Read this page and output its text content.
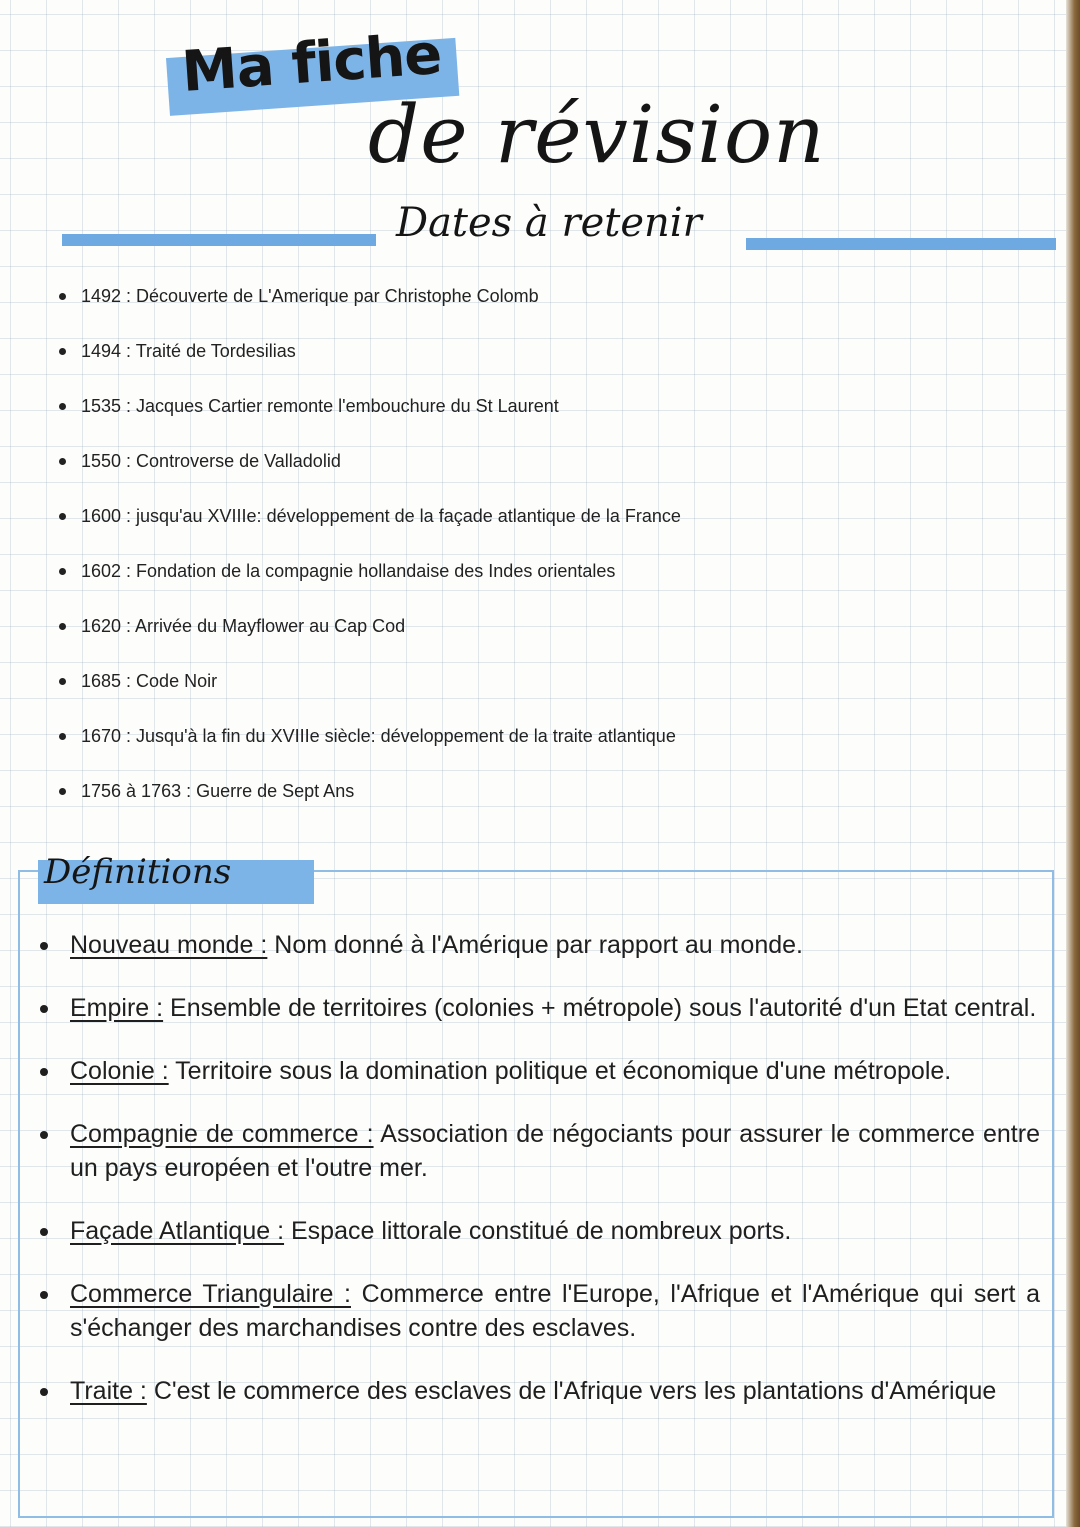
Ma fiche
de révision
Dates à retenir
1492 : Découverte de L'Amerique par Christophe Colomb
1494 : Traité de Tordesilias
1535 : Jacques Cartier remonte l'embouchure du St Laurent
1550 : Controverse de Valladolid
1600 : jusqu'au XVIIIe: développement de la façade atlantique de la France
1602 : Fondation de la compagnie hollandaise des Indes orientales
1620 : Arrivée du Mayflower au Cap Cod
1685 : Code Noir
1670 : Jusqu'à la fin du XVIIIe siècle: développement de la traite atlantique
1756 à 1763 : Guerre de Sept Ans
Définitions
Nouveau monde : Nom donné à l'Amérique par rapport au monde.
Empire : Ensemble de territoires (colonies + métropole) sous l'autorité d'un Etat central.
Colonie : Territoire sous la domination politique et économique d'une métropole.
Compagnie de commerce : Association de négociants pour assurer le commerce entre un pays européen et l'outre mer.
Façade Atlantique : Espace littorale constitué de nombreux ports.
Commerce Triangulaire : Commerce entre l'Europe, l'Afrique et l'Amérique qui sert a s'échanger des marchandises contre des esclaves.
Traite : C'est le commerce des esclaves de l'Afrique vers les plantations d'Amérique
